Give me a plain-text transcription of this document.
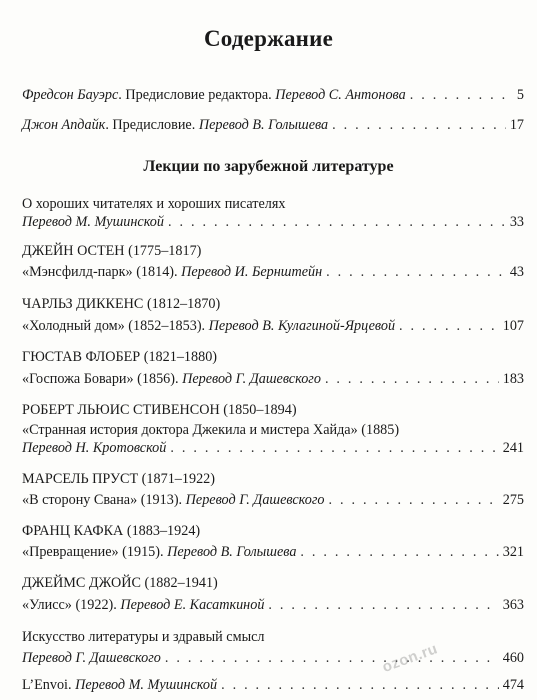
Содержание
Фредсон Бауэрс. Предисловие редактора. Перевод С. Антонова . . .	5
Джон Апдайк. Предисловие. Перевод В. Голышева . . .	17
Лекции по зарубежной литературе
О хороших читателях и хороших писателях
Перевод М. Мушинской . . .	33
ДЖЕЙН ОСТЕН (1775–1817)
«Мэнсфилд-парк» (1814). Перевод И. Бернштейн . . .	43
ЧАРЛЬЗ ДИККЕНС (1812–1870)
«Холодный дом» (1852–1853). Перевод В. Кулагиной-Ярцевой . . .	107
ГЮСТАВ ФЛОБЕР (1821–1880)
«Госпожа Бовари» (1856). Перевод Г. Дашевского . . .	183
РОБЕРТ ЛЬЮИС СТИВЕНСОН (1850–1894)
«Странная история доктора Джекила и мистера Хайда» (1885)
Перевод Н. Кротовской . . .	241
МАРСЕЛЬ ПРУСТ (1871–1922)
«В сторону Свана» (1913). Перевод Г. Дашевского . . .	275
ФРАНЦ КАФКА (1883–1924)
«Превращение» (1915). Перевод В. Голышева . . .	321
ДЖЕЙМС ДЖОЙС (1882–1941)
«Улисс» (1922). Перевод Е. Касаткиной . . .	363
Искусство литературы и здравый смысл
Перевод Г. Дашевского . . .	460
L’Envoi. Перевод М. Мушинской . . .	474
ozon.ru
